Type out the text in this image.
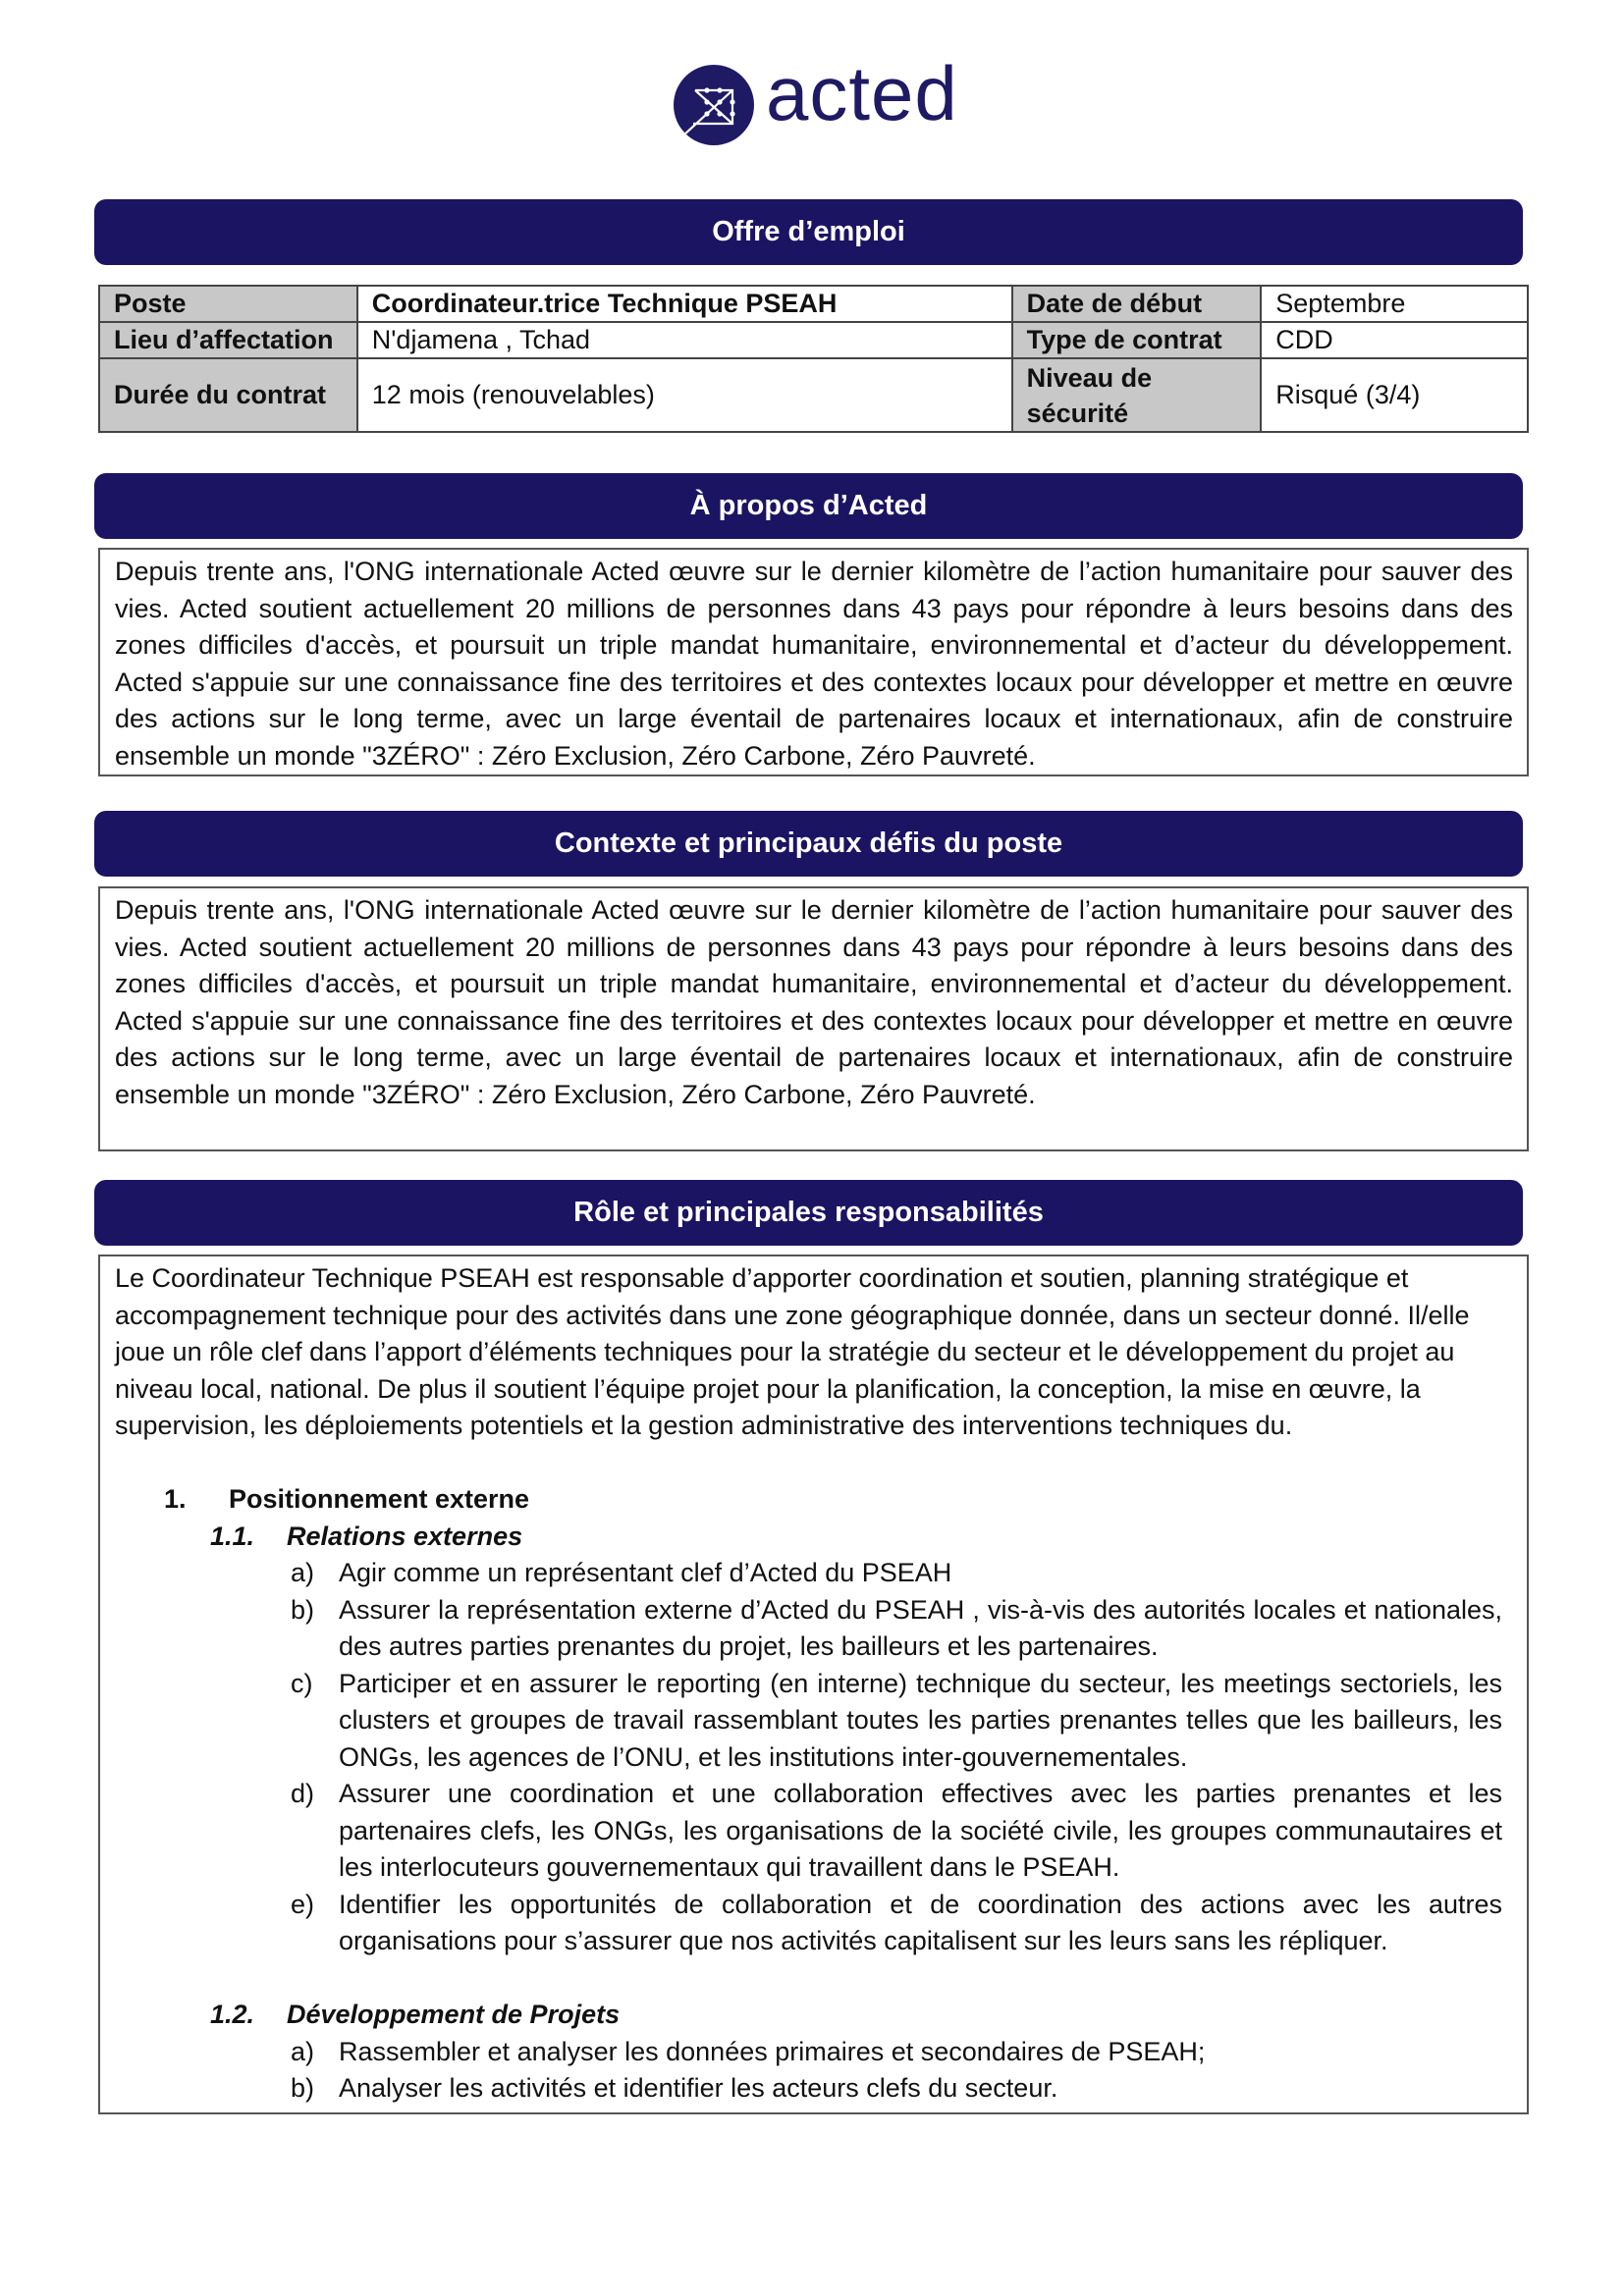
acted
Offre d’emploi
Poste	Coordinateur.trice Technique PSEAH	Date de début	Septembre
Lieu d’affectation	N'djamena , Tchad	Type de contrat	CDD
Durée du contrat	12 mois (renouvelables)	Niveau de sécurité	Risqué (3/4)
À propos d’Acted

Depuis trente ans, l'ONG internationale Acted œuvre sur le dernier kilomètre de l’action humanitaire pour sauver des vies. Acted soutient actuellement 20 millions de personnes dans 43 pays pour répondre à leurs besoins dans des zones difficiles d'accès, et poursuit un triple mandat humanitaire, environnemental et d’acteur du développement. Acted s'appuie sur une connaissance fine des territoires et des contextes locaux pour développer et mettre en œuvre des actions sur le long terme, avec un large éventail de partenaires locaux et internationaux, afin de construire ensemble un monde "3ZÉRO" : Zéro Exclusion, Zéro Carbone, Zéro Pauvreté.

Contexte et principaux défis du poste

Depuis trente ans, l'ONG internationale Acted œuvre sur le dernier kilomètre de l’action humanitaire pour sauver des vies. Acted soutient actuellement 20 millions de personnes dans 43 pays pour répondre à leurs besoins dans des zones difficiles d'accès, et poursuit un triple mandat humanitaire, environnemental et d’acteur du développement. Acted s'appuie sur une connaissance fine des territoires et des contextes locaux pour développer et mettre en œuvre des actions sur le long terme, avec un large éventail de partenaires locaux et internationaux, afin de construire ensemble un monde "3ZÉRO" : Zéro Exclusion, Zéro Carbone, Zéro Pauvreté.

Rôle et principales responsabilités

Le Coordinateur Technique PSEAH est responsable d’apporter coordination et soutien, planning stratégique et accompagnement technique pour des activités dans une zone géographique donnée, dans un secteur donné. Il/elle joue un rôle clef dans l’apport d’éléments techniques pour la stratégie du secteur et le développement du projet au niveau local, national. De plus il soutient l’équipe projet pour la planification, la conception, la mise en œuvre, la supervision, les déploiements potentiels et la gestion administrative des interventions techniques du.

1. Positionnement externe
1.1. Relations externes
a) Agir comme un représentant clef d’Acted du PSEAH
b) Assurer la représentation externe d’Acted du PSEAH , vis-à-vis des autorités locales et nationales, des autres parties prenantes du projet, les bailleurs et les partenaires.
c) Participer et en assurer le reporting (en interne) technique du secteur, les meetings sectoriels, les clusters et groupes de travail rassemblant toutes les parties prenantes telles que les bailleurs, les ONGs, les agences de l’ONU, et les institutions inter-gouvernementales.
d) Assurer une coordination et une collaboration effectives avec les parties prenantes et les partenaires clefs, les ONGs, les organisations de la société civile, les groupes communautaires et les interlocuteurs gouvernementaux qui travaillent dans le PSEAH.
e) Identifier les opportunités de collaboration et de coordination des actions avec les autres organisations pour s’assurer que nos activités capitalisent sur les leurs sans les répliquer.
1.2. Développement de Projets
a) Rassembler et analyser les données primaires et secondaires de PSEAH;
b) Analyser les activités et identifier les acteurs clefs du secteur.
